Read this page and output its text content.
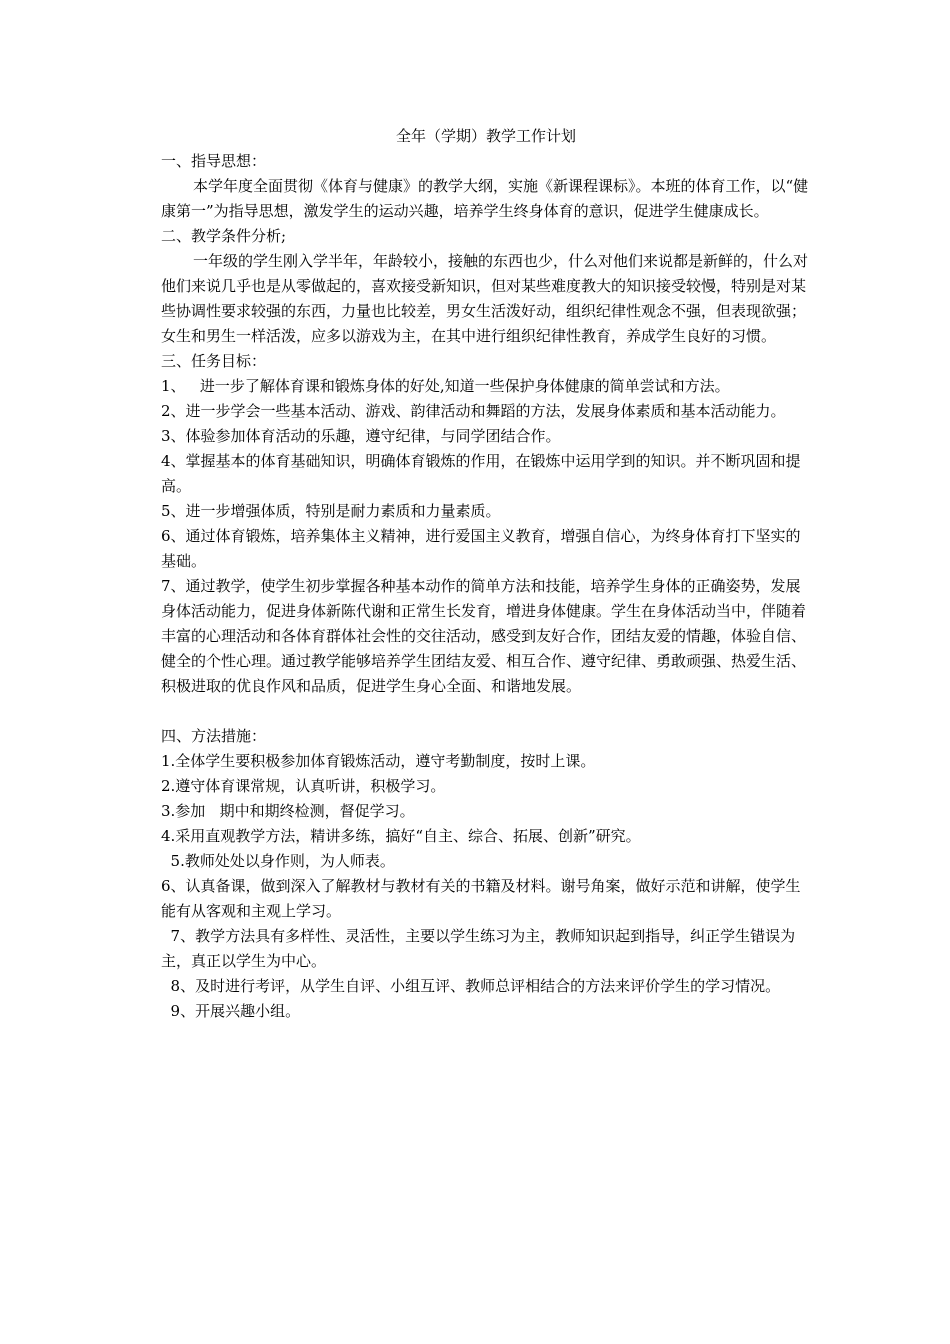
全年（学期）教学工作计划

一、指导思想：

本学年度全面贯彻《体育与健康》的教学大纲，实施《新课程课标》。本班的体育工作，以“健康第一”为指导思想，激发学生的运动兴趣，培养学生终身体育的意识，促进学生健康成长。

二、教学条件分析;

一年级的学生刚入学半年，年龄较小，接触的东西也少，什么对他们来说都是新鲜的，什么对他们来说几乎也是从零做起的，喜欢接受新知识，但对某些难度教大的知识接受较慢，特别是对某些协调性要求较强的东西，力量也比较差，男女生活泼好动，组织纪律性观念不强，但表现欲强；女生和男生一样活泼，应多以游戏为主，在其中进行组织纪律性教育，养成学生良好的习惯。

三、任务目标：

1、   进一步了解体育课和锻炼身体的好处,知道一些保护身体健康的简单尝试和方法。

2、进一步学会一些基本活动、游戏、韵律活动和舞蹈的方法，发展身体素质和基本活动能力。

3、体验参加体育活动的乐趣，遵守纪律，与同学团结合作。

4、掌握基本的体育基础知识，明确体育锻炼的作用，在锻炼中运用学到的知识。并不断巩固和提高。

5、进一步增强体质，特别是耐力素质和力量素质。

6、通过体育锻炼，培养集体主义精神，进行爱国主义教育，增强自信心，为终身体育打下坚实的基础。

7、通过教学，使学生初步掌握各种基本动作的简单方法和技能，培养学生身体的正确姿势，发展身体活动能力，促进身体新陈代谢和正常生长发育，增进身体健康。学生在身体活动当中，伴随着丰富的心理活动和各体育群体社会性的交往活动，感受到友好合作，团结友爱的情趣，体验自信、健全的个性心理。通过教学能够培养学生团结友爱、相互合作、遵守纪律、勇敢顽强、热爱生活、积极进取的优良作风和品质，促进学生身心全面、和谐地发展。

四、方法措施：

1.全体学生要积极参加体育锻炼活动，遵守考勤制度，按时上课。

2.遵守体育课常规，认真听讲，积极学习。

3.参加   期中和期终检测，督促学习。

4.采用直观教学方法，精讲多练，搞好“自主、综合、拓展、创新”研究。

5.教师处处以身作则，为人师表。

6、认真备课，做到深入了解教材与教材有关的书籍及材料。谢号角案，做好示范和讲解，使学生能有从客观和主观上学习。

7、教学方法具有多样性、灵活性，主要以学生练习为主，教师知识起到指导，纠正学生错误为主，真正以学生为中心。

8、及时进行考评，从学生自评、小组互评、教师总评相结合的方法来评价学生的学习情况。

9、开展兴趣小组。
